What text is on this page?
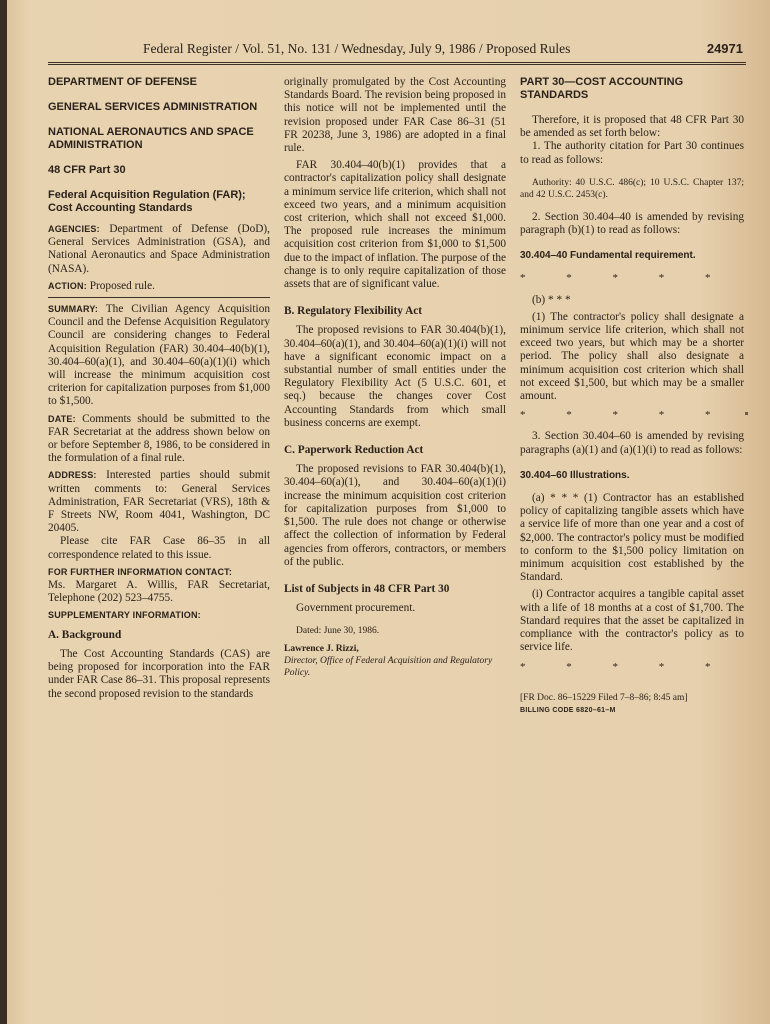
Federal Register / Vol. 51, No. 131 / Wednesday, July 9, 1986 / Proposed Rules	24971
DEPARTMENT OF DEFENSE
GENERAL SERVICES ADMINISTRATION
NATIONAL AERONAUTICS AND SPACE ADMINISTRATION
48 CFR Part 30
Federal Acquisition Regulation (FAR); Cost Accounting Standards
AGENCIES: Department of Defense (DoD), General Services Administration (GSA), and National Aeronautics and Space Administration (NASA).
ACTION: Proposed rule.
SUMMARY: The Civilian Agency Acquisition Council and the Defense Acquisition Regulatory Council are considering changes to Federal Acquisition Regulation (FAR) 30.404–40(b)(1), 30.404–60(a)(1), and 30.404–60(a)(1)(i) which will increase the minimum acquisition cost criterion for capitalization purposes from $1,000 to $1,500.
DATE: Comments should be submitted to the FAR Secretariat at the address shown below on or before September 8, 1986, to be considered in the formulation of a final rule.
ADDRESS: Interested parties should submit written comments to: General Services Administration, FAR Secretariat (VRS), 18th & F Streets NW, Room 4041, Washington, DC 20405.
Please cite FAR Case 86–35 in all correspondence related to this issue.
FOR FURTHER INFORMATION CONTACT:
Ms. Margaret A. Willis, FAR Secretariat, Telephone (202) 523–4755.
SUPPLEMENTARY INFORMATION:
A. Background
The Cost Accounting Standards (CAS) are being proposed for incorporation into the FAR under FAR Case 86–31. This proposal represents the second proposed revision to the standards
originally promulgated by the Cost Accounting Standards Board. The revision being proposed in this notice will not be implemented until the revision proposed under FAR Case 86–31 (51 FR 20238, June 3, 1986) are adopted in a final rule.
FAR 30.404–40(b)(1) provides that a contractor's capitalization policy shall designate a minimum service life criterion, which shall not exceed two years, and a minimum acquisition cost criterion, which shall not exceed $1,000. The proposed rule increases the minimum acquisition cost criterion from $1,000 to $1,500 due to the impact of inflation. The purpose of the change is to only require capitalization of those assets that are of significant value.
B. Regulatory Flexibility Act
The proposed revisions to FAR 30.404(b)(1), 30.404–60(a)(1), and 30.404–60(a)(1)(i) will not have a significant economic impact on a substantial number of small entities under the Regulatory Flexibility Act (5 U.S.C. 601, et seq.) because the changes cover Cost Accounting Standards from which small business concerns are exempt.
C. Paperwork Reduction Act
The proposed revisions to FAR 30.404(b)(1), 30.404–60(a)(1), and 30.404–60(a)(1)(i) increase the minimum acquisition cost criterion for capitalization purposes from $1,000 to $1,500. The rule does not change or otherwise affect the collection of information by Federal agencies from offerors, contractors, or members of the public.
List of Subjects in 48 CFR Part 30
Government procurement.
Dated: June 30, 1986.
Lawrence J. Rizzi,
Director, Office of Federal Acquisition and Regulatory Policy.
PART 30—COST ACCOUNTING STANDARDS
Therefore, it is proposed that 48 CFR Part 30 be amended as set forth below:
1. The authority citation for Part 30 continues to read as follows:
Authority: 40 U.S.C. 486(c); 10 U.S.C. Chapter 137; and 42 U.S.C. 2453(c).
2. Section 30.404–40 is amended by revising paragraph (b)(1) to read as follows:
30.404–40 Fundamental requirement.
* * * * *
(b) * * *
(1) The contractor's policy shall designate a minimum service life criterion, which shall not exceed two years, but which may be a shorter period. The policy shall also designate a minimum acquisition cost criterion which shall not exceed $1,500, but which may be a smaller amount.
* * * * *
3. Section 30.404–60 is amended by revising paragraphs (a)(1) and (a)(1)(i) to read as follows:
30.404–60 Illustrations.
(a) * * * (1) Contractor has an established policy of capitalizing tangible assets which have a service life of more than one year and a cost of $2,000. The contractor's policy must be modified to conform to the $1,500 policy limitation on minimum acquisition cost established by the Standard.
(i) Contractor acquires a tangible capital asset with a life of 18 months at a cost of $1,700. The Standard requires that the asset be capitalized in compliance with the contractor's policy as to service life.
* * * * *
[FR Doc. 86–15229 Filed 7–8–86; 8:45 am]
BILLING CODE 6820–61–M
